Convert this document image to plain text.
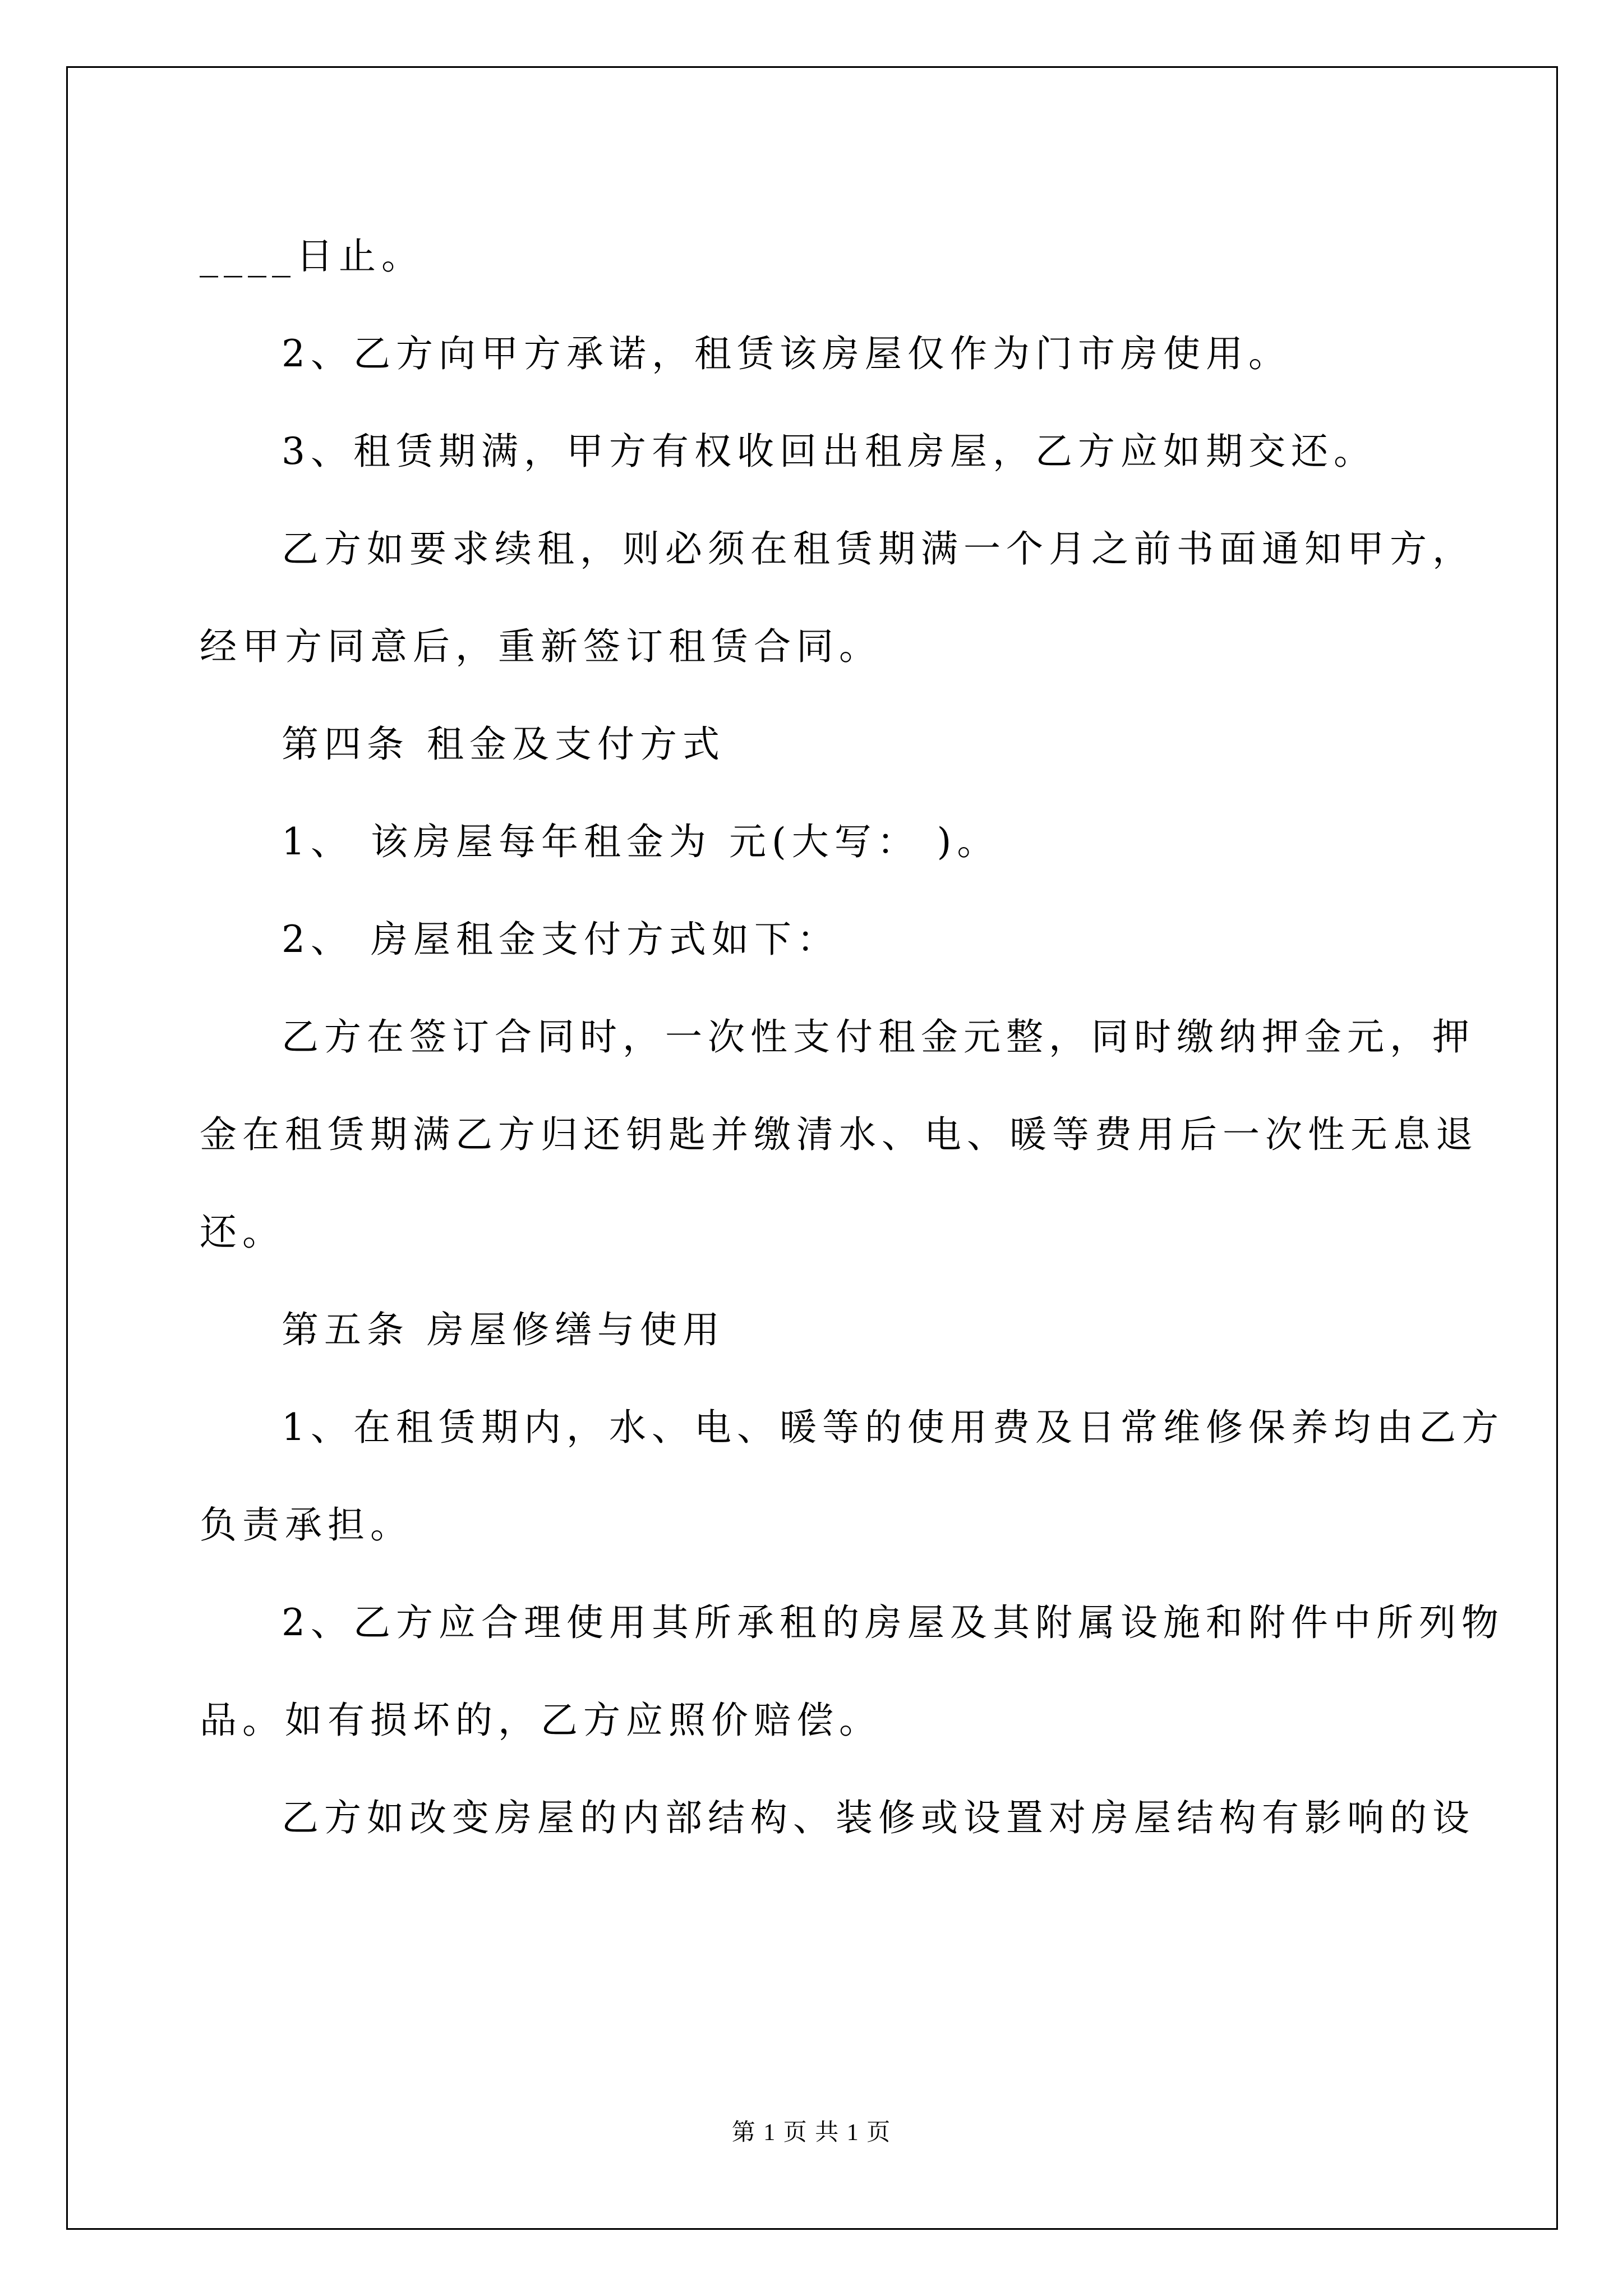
____日止。

2、乙方向甲方承诺，租赁该房屋仅作为门市房使用。

3、租赁期满，甲方有权收回出租房屋，乙方应如期交还。

乙方如要求续租，则必须在租赁期满一个月之前书面通知甲方，

经甲方同意后，重新签订租赁合同。

第四条 租金及支付方式

1、 该房屋每年租金为 元(大写： )。

2、 房屋租金支付方式如下：

乙方在签订合同时，一次性支付租金元整，同时缴纳押金元，押

金在租赁期满乙方归还钥匙并缴清水、电、暖等费用后一次性无息退

还。

第五条 房屋修缮与使用

1、在租赁期内，水、电、暖等的使用费及日常维修保养均由乙方

负责承担。

2、乙方应合理使用其所承租的房屋及其附属设施和附件中所列物

品。如有损坏的，乙方应照价赔偿。

乙方如改变房屋的内部结构、装修或设置对房屋结构有影响的设

第 1 页 共 1 页
